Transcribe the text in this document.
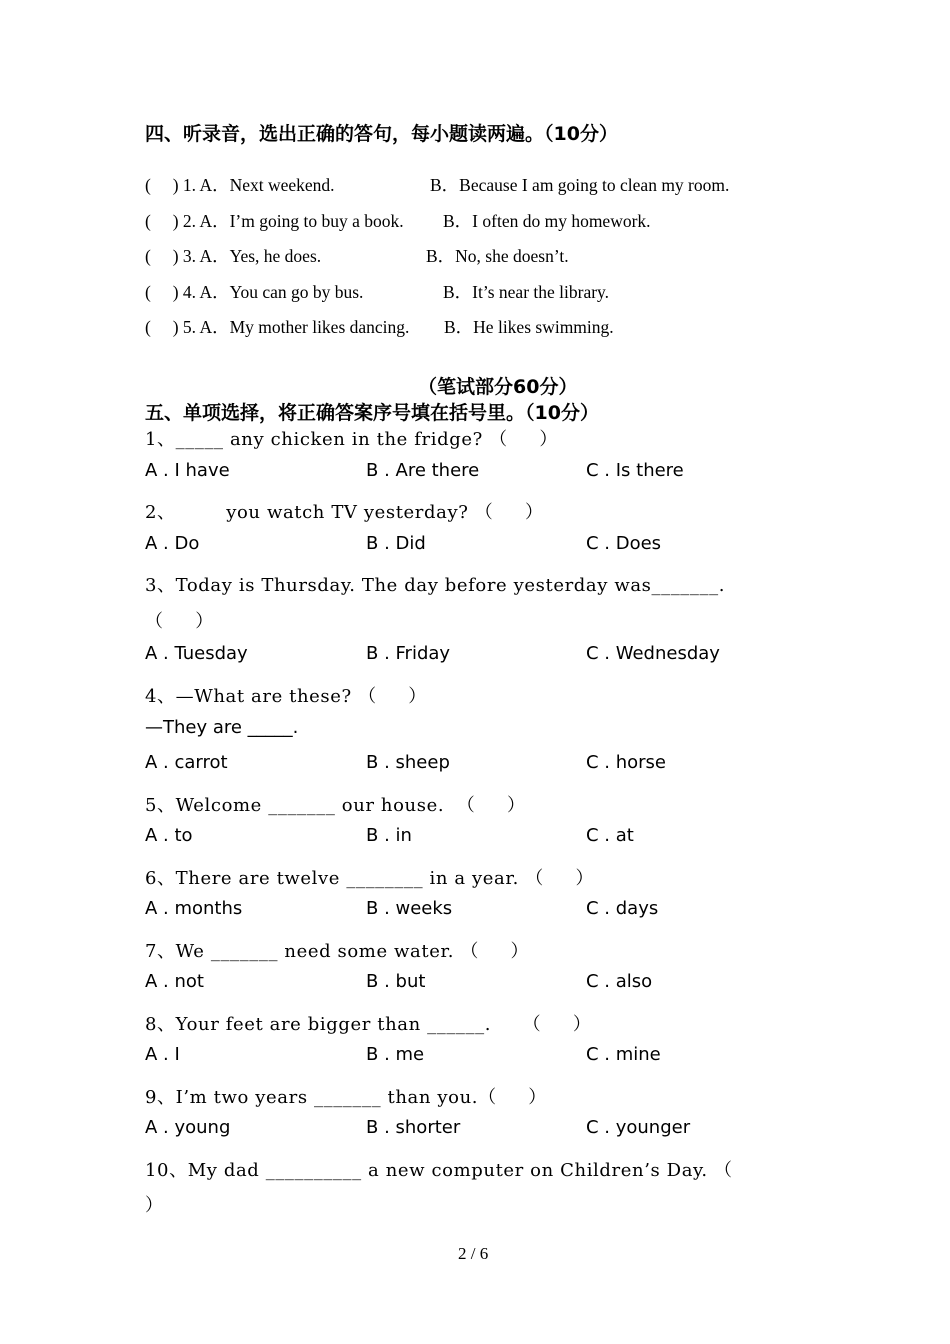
四、听录音，选出正确的答句，每小题读两遍。（10分）
(     ) 1. A．Next weekend.	B．Because I am going to clean my room.
(     ) 2. A．I’m going to buy a book. B．I often do my homework.
(     ) 3. A．Yes, he does.	B．No, she doesn’t.
(     ) 4. A．You can go by bus.	B．It’s near the library.
(     ) 5. A．My mother likes dancing. B．He likes swimming.
（笔试部分60分）
五、单项选择，将正确答案序号填在括号里。（10分）
1、_____ any chicken in the fridge? （     ）
A . I have	B . Are there	C . Is there
2、        you watch TV yesterday? （     ）
A . Do	B . Did	C . Does
3、Today is Thursday. The day before yesterday was_______.
（     ）
A . Tuesday	B . Friday	C . Wednesday
4、—What are these? （     ）
—They are _____.
A . carrot	B . sheep	C . horse
5、Welcome _______ our house.  （     ）
A . to	B . in	C . at
6、There are twelve ________ in a year. （     ）
A . months	B . weeks	C . days
7、We _______ need some water. （     ）
A . not	B . but	C . also
8、Your feet are bigger than ______.     （     ）
A . I	B . me	C . mine
9、I’m two years _______ than you.（     ）
A . young	B . shorter	C . younger
10、My dad __________ a new computer on Children’s Day. （
）
2 / 6
